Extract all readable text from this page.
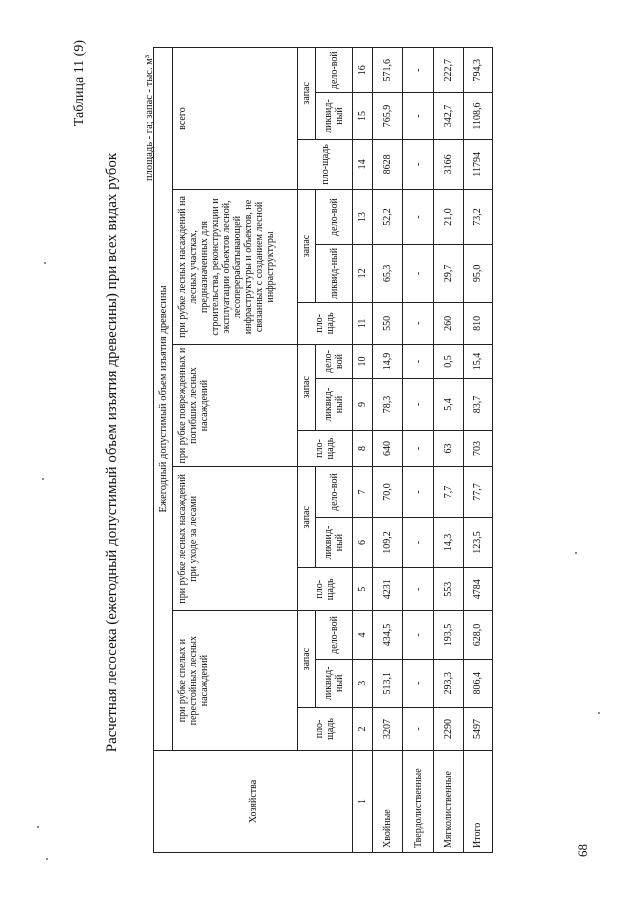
Таблица 11 (9)
Расчетная лесосека (ежегодный допустимый объем изъятия древесины) при всех видах рубок
площадь - га; запас - тыс. м³
Хозяйства	Ежегодный допустимый объем изъятия древесины														
	при рубке спелых и перестойных лесных насаждений			при рубке лесных насаждений при уходе за лесами			при рубке поврежденных и погибших лесных насаждений			при рубке лесных насаждений на лесных участках, предназначенных для строительства, реконструкции и эксплуатации объектов лесной, лесоперерабатывающей инфраструктуры и объектов, не связанных с созданием лесной инфраструктуры			всего		
	пло-щадь	запас		пло-щадь	запас		пло-щадь	запас		пло-щадь	запас		пло-щадь	запас	
		ликвид-ный	дело-вой		ликвид-ный	дело-вой		ликвид-ный	дело-вой		ликвид-ный	дело-вой		ликвид-ный	дело-вой
1	2	3	4	5	6	7	8	9	10	11	12	13	14	15	16
Хвойные	3207	513,1	434,5	4231	109,2	70,0	640	78,3	14,9	550	65,3	52,2	8628	765,9	571,6
Твердолиственные	-	-	-	-	-	-	-	-	-	-	-	-	-	-	-
Мягколиственные	2290	293,3	193,5	553	14,3	7,7	63	5,4	0,5	260	29,7	21,0	3166	342,7	222,7
Итого	5497	806,4	628,0	4784	123,5	77,7	703	83,7	15,4	810	95,0	73,2	11794	1108,6	794,3
68
